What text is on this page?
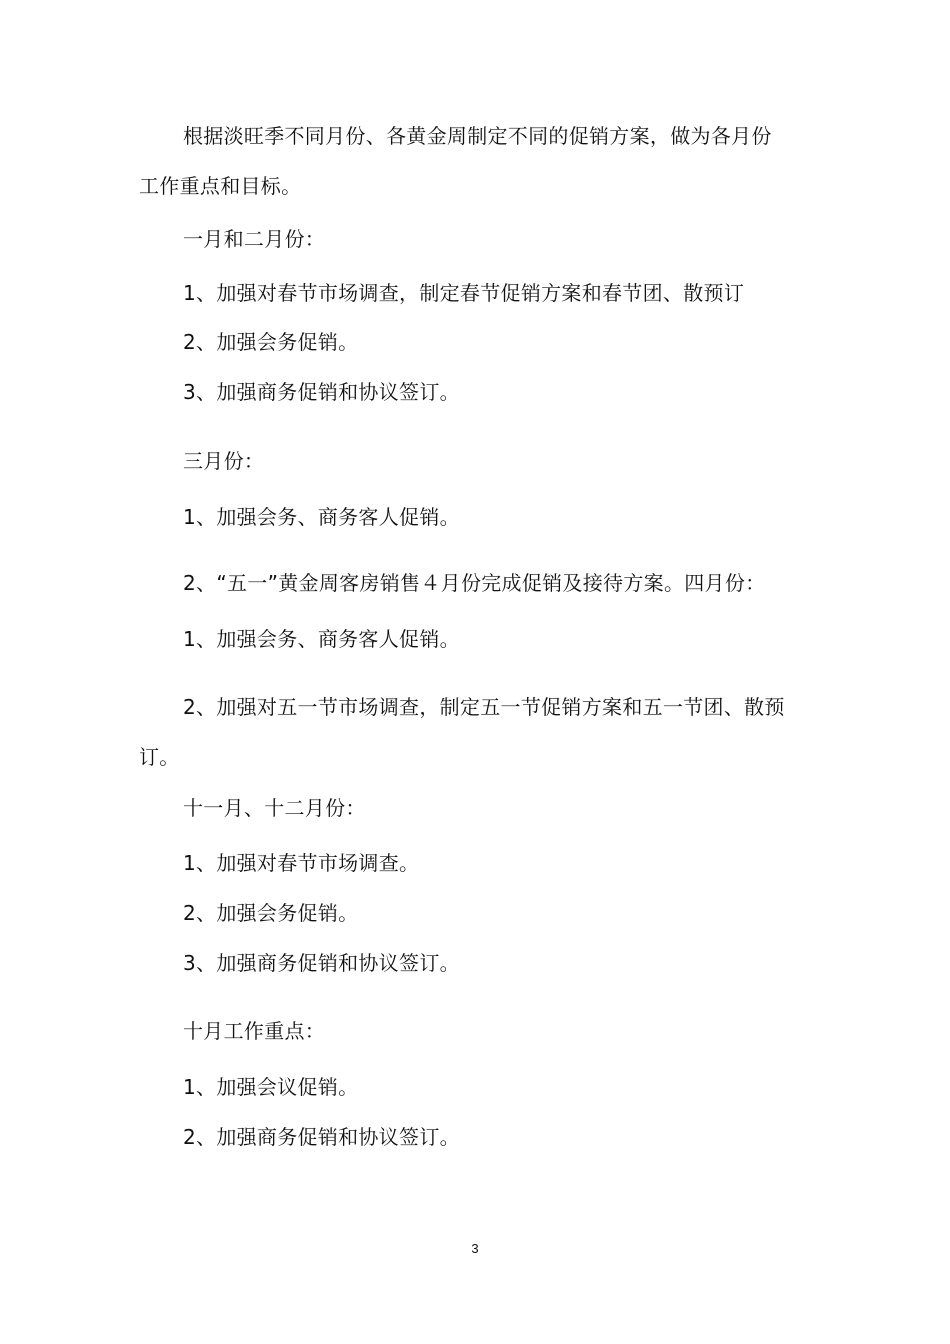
根据淡旺季不同月份、各黄金周制定不同的促销方案，做为各月份
工作重点和目标。
一月和二月份：
1、加强对春节市场调查，制定春节促销方案和春节团、散预订
2、加强会务促销。
3、加强商务促销和协议签订。
三月份：
1、加强会务、商务客人促销。
2、“五一”黄金周客房销售４月份完成促销及接待方案。四月份：
1、加强会务、商务客人促销。
2、加强对五一节市场调查，制定五一节促销方案和五一节团、散预
订。
十一月、十二月份：
1、加强对春节市场调查。
2、加强会务促销。
3、加强商务促销和协议签订。
十月工作重点：
1、加强会议促销。
2、加强商务促销和协议签订。
3
